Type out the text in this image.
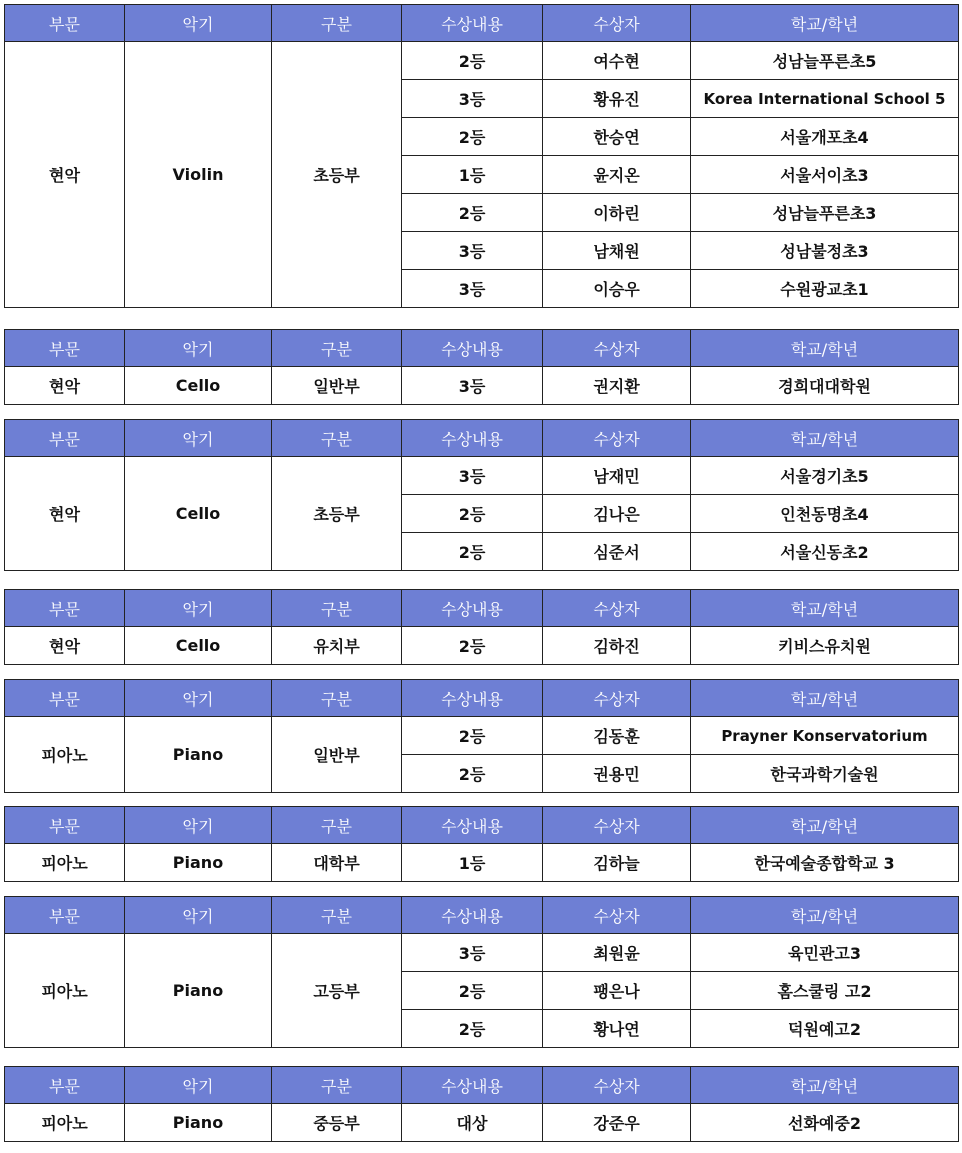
부문	악기	구분	수상내용	수상자	학교/학년
현악	Violin	초등부	2등	여수현	성남늘푸른초5
			3등	황유진	Korea International School 5
			2등	한승연	서울개포초4
			1등	윤지온	서울서이초3
			2등	이하린	성남늘푸른초3
			3등	남채원	성남불정초3
			3등	이승우	수원광교초1
부문	악기	구분	수상내용	수상자	학교/학년
현악	Cello	일반부	3등	권지환	경희대대학원
부문	악기	구분	수상내용	수상자	학교/학년
현악	Cello	초등부	3등	남재민	서울경기초5
			2등	김나은	인천동명초4
			2등	심준서	서울신동초2
부문	악기	구분	수상내용	수상자	학교/학년
현악	Cello	유치부	2등	김하진	키비스유치원
부문	악기	구분	수상내용	수상자	학교/학년
피아노	Piano	일반부	2등	김동훈	Prayner Konservatorium
			2등	권용민	한국과학기술원
부문	악기	구분	수상내용	수상자	학교/학년
피아노	Piano	대학부	1등	김하늘	한국예술종합학교 3
부문	악기	구분	수상내용	수상자	학교/학년
피아노	Piano	고등부	3등	최원윤	육민관고3
			2등	팽은나	홈스쿨링 고2
			2등	황나연	덕원예고2
부문	악기	구분	수상내용	수상자	학교/학년
피아노	Piano	중등부	대상	강준우	선화예중2
